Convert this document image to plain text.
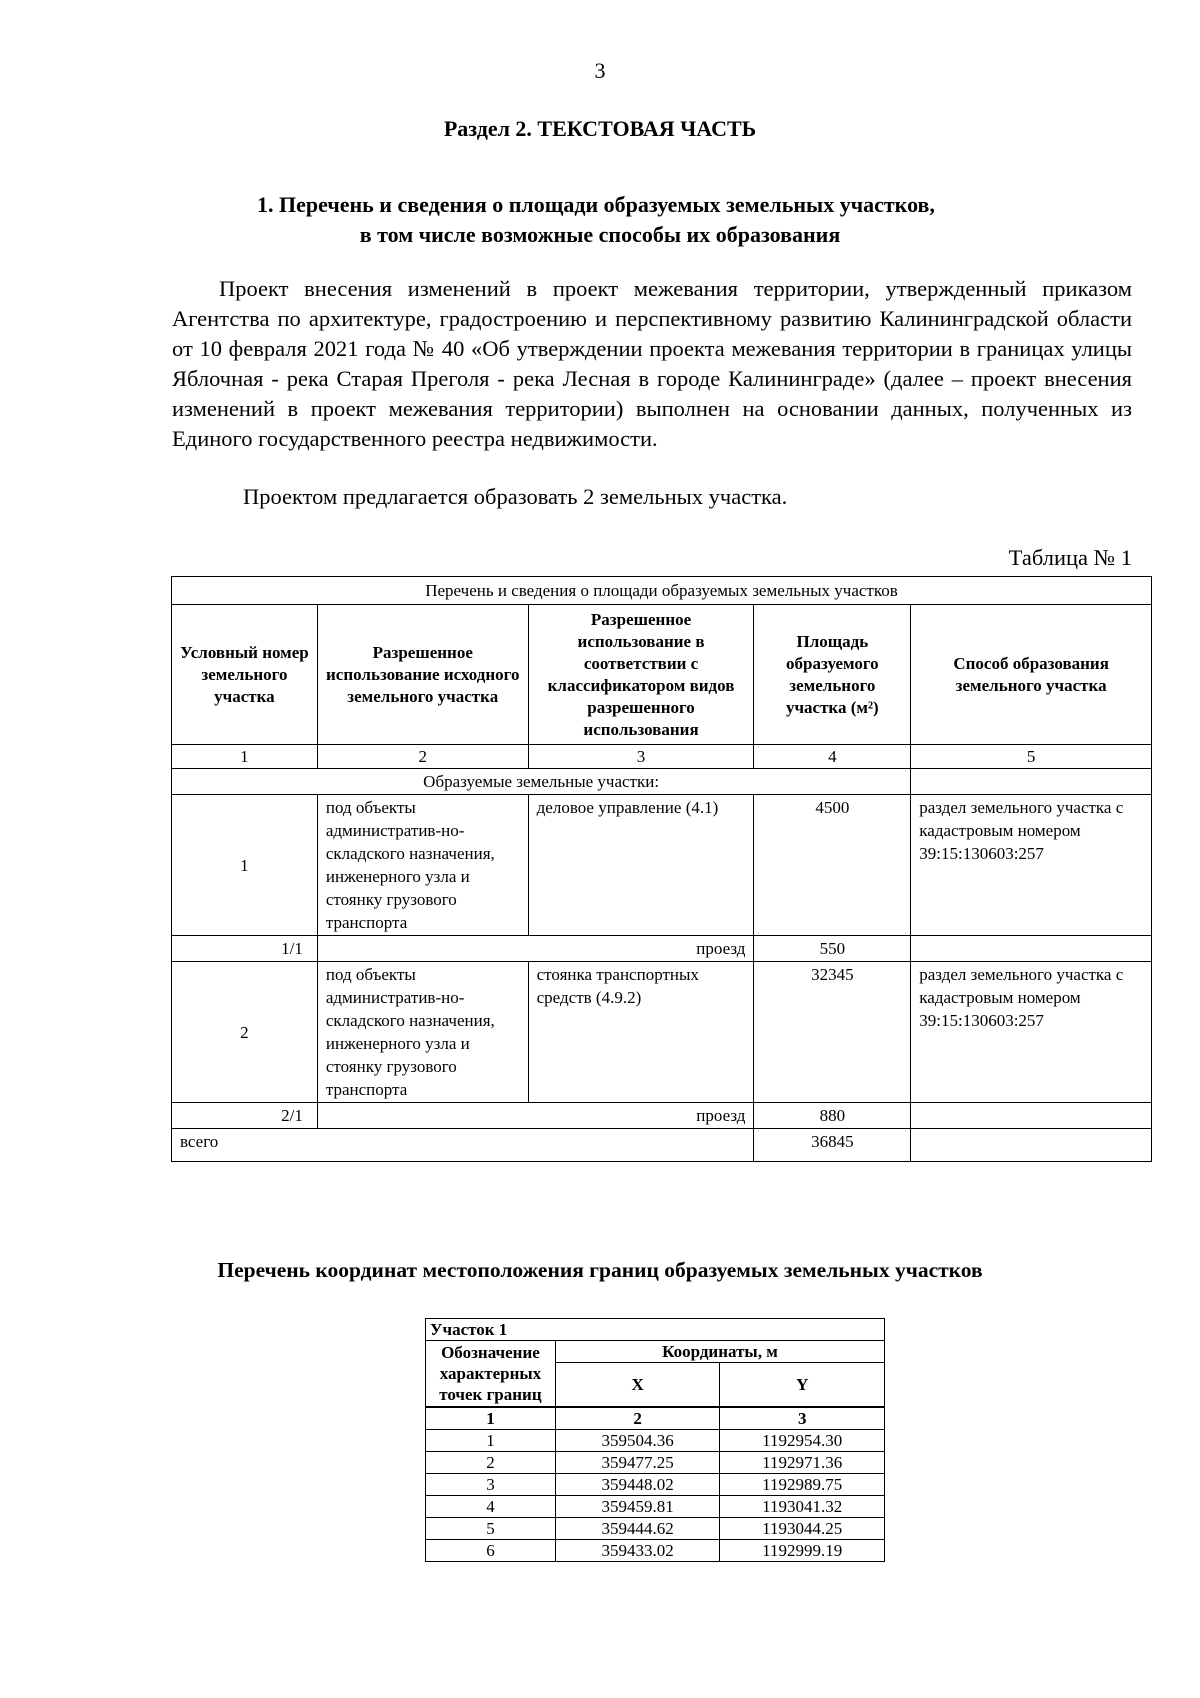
3
Раздел 2. ТЕКСТОВАЯ ЧАСТЬ
1. Перечень и сведения о площади образуемых земельных участков,
в том числе возможные способы их образования
Проект внесения изменений в проект межевания территории, утвержденный приказом Агентства по архитектуре, градостроению и перспективному развитию Калининградской области от 10 февраля 2021 года № 40 «Об утверждении проекта межевания территории в границах улицы Яблочная - река Старая Преголя - река Лесная в городе Калининграде» (далее – проект внесения изменений в проект межевания территории) выполнен на основании данных, полученных из Единого государственного реестра недвижимости.
Проектом предлагается образовать 2 земельных участка.
Таблица № 1
Перечень и сведения о площади образуемых земельных участков				
Условный номер земельного участка	Разрешенное использование исходного земельного участка	Разрешенное использование в соответствии с классификатором видов разрешенного использования	Площадь образуемого земельного участка (м²)	Способ образования земельного участка
1	2	3	4	5
Образуемые земельные участки:				
1	под объекты административ-но-складского назначения, инженерного узла и стоянку грузового транспорта	деловое управление (4.1)	4500	раздел земельного участка с кадастровым номером 39:15:130603:257
1/1	проезд		550	
2	под объекты административ-но-складского назначения, инженерного узла и стоянку грузового транспорта	стоянка транспортных средств (4.9.2)	32345	раздел земельного участка с кадастровым номером 39:15:130603:257
2/1	проезд		880	
всего			36845	
Перечень координат местоположения границ образуемых земельных участков
Участок 1		
Обозначение характерных точек границ	Координаты, м	
	X	Y
1	2	3
1	359504.36	1192954.30
2	359477.25	1192971.36
3	359448.02	1192989.75
4	359459.81	1193041.32
5	359444.62	1193044.25
6	359433.02	1192999.19
